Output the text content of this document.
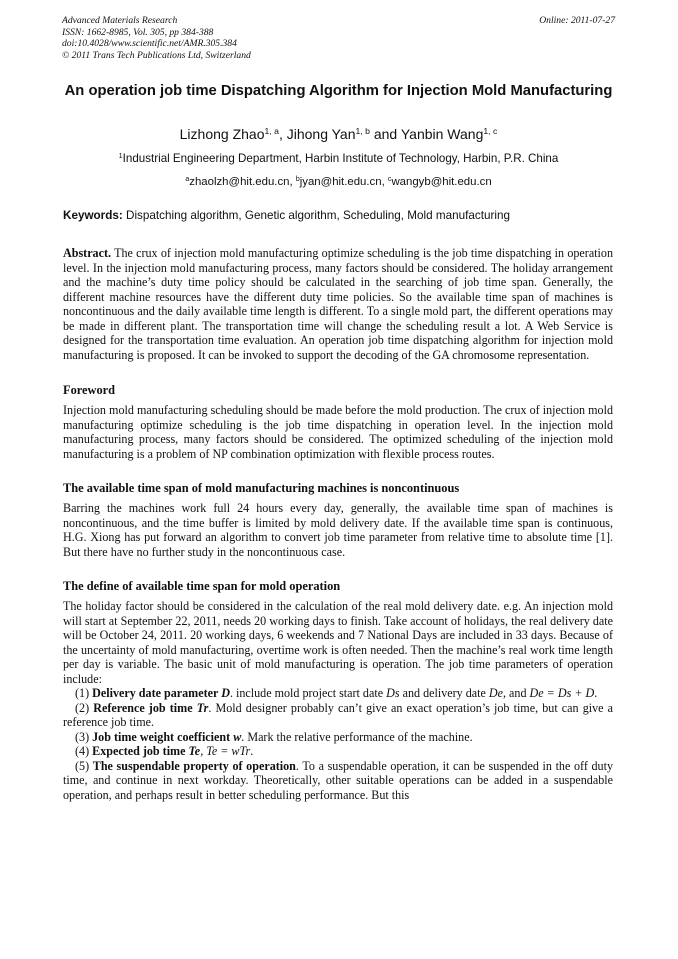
Advanced Materials Research
ISSN: 1662-8985, Vol. 305, pp 384-388
doi:10.4028/www.scientific.net/AMR.305.384
© 2011 Trans Tech Publications Ltd, Switzerland
Online: 2011-07-27
An operation job time Dispatching Algorithm for Injection Mold Manufacturing
Lizhong Zhao$^{1, a}$, Jihong Yan$^{1, b}$ and Yanbin Wang$^{1, c}$
$^1$Industrial Engineering Department, Harbin Institute of Technology, Harbin, P.R. China
$^a$zhaolzh@hit.edu.cn, $^b$jyan@hit.edu.cn, $^c$wangyb@hit.edu.cn
Keywords: Dispatching algorithm, Genetic algorithm, Scheduling, Mold manufacturing

Abstract. The crux of injection mold manufacturing optimize scheduling is the job time dispatching in operation level. In the injection mold manufacturing process, many factors should be considered. The holiday arrangement and the machine’s duty time policy should be calculated in the searching of job time span. Generally, the different machine resources have the different duty time policies. So the available time span of machines is noncontinuous and the daily available time length is different. To a single mold part, the different operations may be made in different plant. The transportation time will change the scheduling result a lot. A Web Service is designed for the transportation time evaluation. An operation job time dispatching algorithm for injection mold manufacturing is proposed. It can be invoked to support the decoding of the GA chromosome representation.

Foreword

Injection mold manufacturing scheduling should be made before the mold production. The crux of injection mold manufacturing optimize scheduling is the job time dispatching in operation level. In the injection mold manufacturing process, many factors should be considered. The optimized scheduling of the injection mold manufacturing is a problem of NP combination optimization with flexible process routes.

The available time span of mold manufacturing machines is noncontinuous

Barring the machines work full 24 hours every day, generally, the available time span of machines is noncontinuous, and the time buffer is limited by mold delivery date. If the available time span is continuous, H.G. Xiong has put forward an algorithm to convert job time parameter from relative time to absolute time [1]. But there have no further study in the noncontinuous case.

The define of available time span for mold operation

The holiday factor should be considered in the calculation of the real mold delivery date. e.g. An injection mold will start at September 22, 2011, needs 20 working days to finish. Take account of holidays, the real delivery date will be October 24, 2011. 20 working days, 6 weekends and 7 National Days are included in 33 days. Because of the uncertainty of mold manufacturing, overtime work is often needed. Then the machine’s real work time length per day is variable. The basic unit of mold manufacturing is operation. The job time parameters of operation include:

(1) Delivery date parameter D. include mold project start date Ds and delivery date De, and De = Ds + D.

(2) Reference job time Tr. Mold designer probably can’t give an exact operation’s job time, but can give a reference job time.

(3) Job time weight coefficient w. Mark the relative performance of the machine.

(4) Expected job time Te, Te = wTr.

(5) The suspendable property of operation. To a suspendable operation, it can be suspended in the off duty time, and continue in next workday. Theoretically, other suitable operations can be added in a suspendable operation, and perhaps result in better scheduling performance. But this
